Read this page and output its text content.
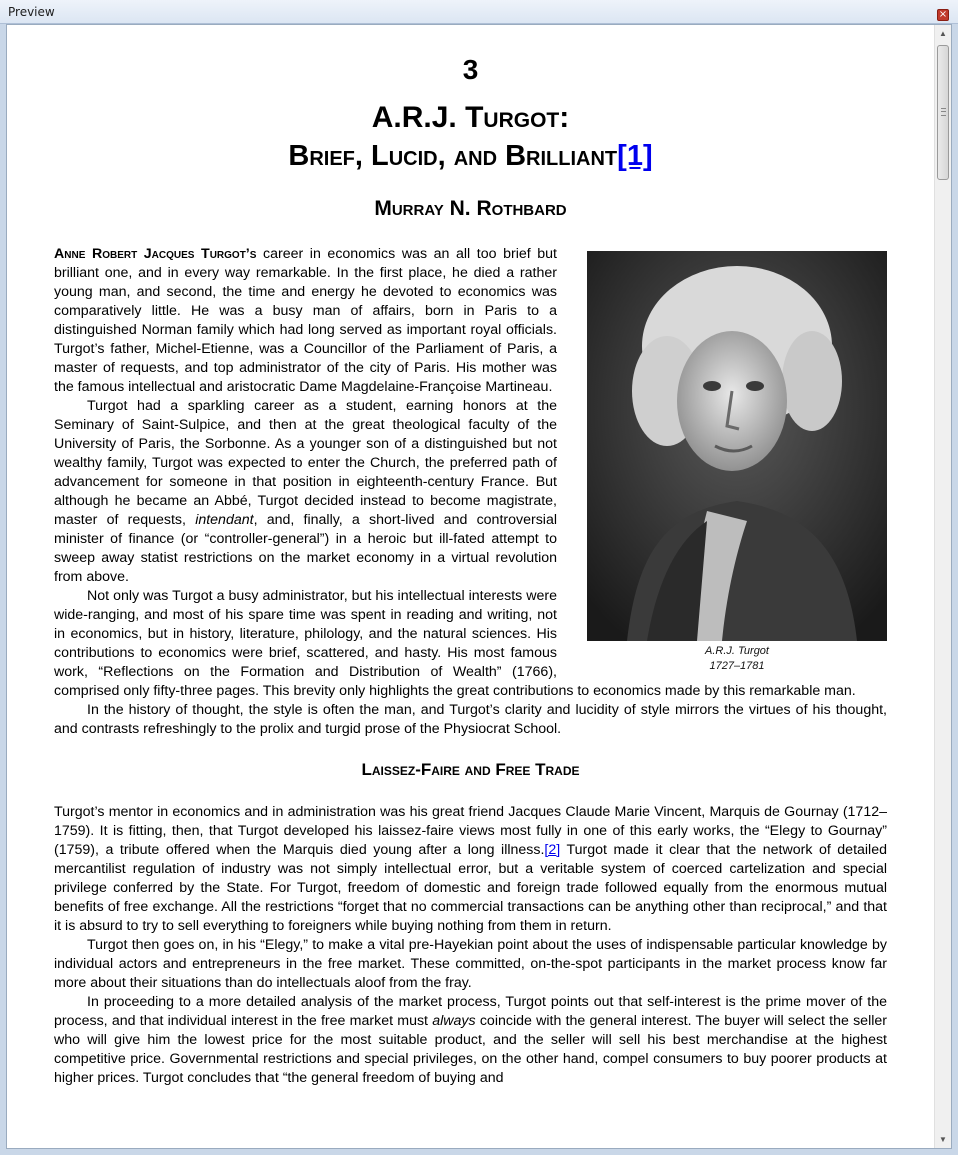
Preview	×
3
A.R.J. Turgot:
Brief, Lucid, and Brilliant[1]
Murray N. Rothbard
A.R.J. Turgot
1727–1781

Anne Robert Jacques Turgot’s career in economics was an all too brief but brilliant one, and in every way remarkable. In the first place, he died a rather young man, and second, the time and energy he devoted to economics was comparatively little. He was a busy man of affairs, born in Paris to a distinguished Norman family which had long served as important royal officials. Turgot’s father, Michel-Etienne, was a Councillor of the Parliament of Paris, a master of requests, and top administrator of the city of Paris. His mother was the famous intellectual and aristocratic Dame Magdelaine-Françoise Martineau.

Turgot had a sparkling career as a student, earning honors at the Seminary of Saint-Sulpice, and then at the great theological faculty of the University of Paris, the Sorbonne. As a younger son of a distinguished but not wealthy family, Turgot was expected to enter the Church, the preferred path of advancement for someone in that position in eighteenth-century France. But although he became an Abbé, Turgot decided instead to become magistrate, master of requests, intendant, and, finally, a short-lived and controversial minister of finance (or “controller-general”) in a heroic but ill-fated attempt to sweep away statist restrictions on the market economy in a virtual revolution from above.

Not only was Turgot a busy administrator, but his intellectual interests were wide-ranging, and most of his spare time was spent in reading and writing, not in economics, but in history, literature, philology, and the natural sciences. His contributions to economics were brief, scattered, and hasty. His most famous work, “Reflections on the Formation and Distribution of Wealth” (1766), comprised only fifty-three pages. This brevity only highlights the great contributions to economics made by this remarkable man.

In the history of thought, the style is often the man, and Turgot’s clarity and lucidity of style mirrors the virtues of his thought, and contrasts refreshingly to the prolix and turgid prose of the Physiocrat School.

Laissez-Faire and Free Trade

Turgot’s mentor in economics and in administration was his great friend Jacques Claude Marie Vincent, Marquis de Gournay (1712–1759). It is fitting, then, that Turgot developed his laissez-faire views most fully in one of this early works, the “Elegy to Gournay” (1759), a tribute offered when the Marquis died young after a long illness.[2] Turgot made it clear that the network of detailed mercantilist regulation of industry was not simply intellectual error, but a veritable system of coerced cartelization and special privilege conferred by the State. For Turgot, freedom of domestic and foreign trade followed equally from the enormous mutual benefits of free exchange. All the restrictions “forget that no commercial transactions can be anything other than reciprocal,” and that it is absurd to try to sell everything to foreigners while buying nothing from them in return.

Turgot then goes on, in his “Elegy,” to make a vital pre-Hayekian point about the uses of indispensable particular knowledge by individual actors and entrepreneurs in the free market. These committed, on-the-spot participants in the market process know far more about their situations than do intellectuals aloof from the fray.

In proceeding to a more detailed analysis of the market process, Turgot points out that self-interest is the prime mover of the process, and that individual interest in the free market must always coincide with the general interest. The buyer will select the seller who will give him the lowest price for the most suitable product, and the seller will sell his best merchandise at the highest competitive price. Governmental restrictions and special privileges, on the other hand, compel consumers to buy poorer products at higher prices. Turgot concludes that “the general freedom of buying and

▲
▼
